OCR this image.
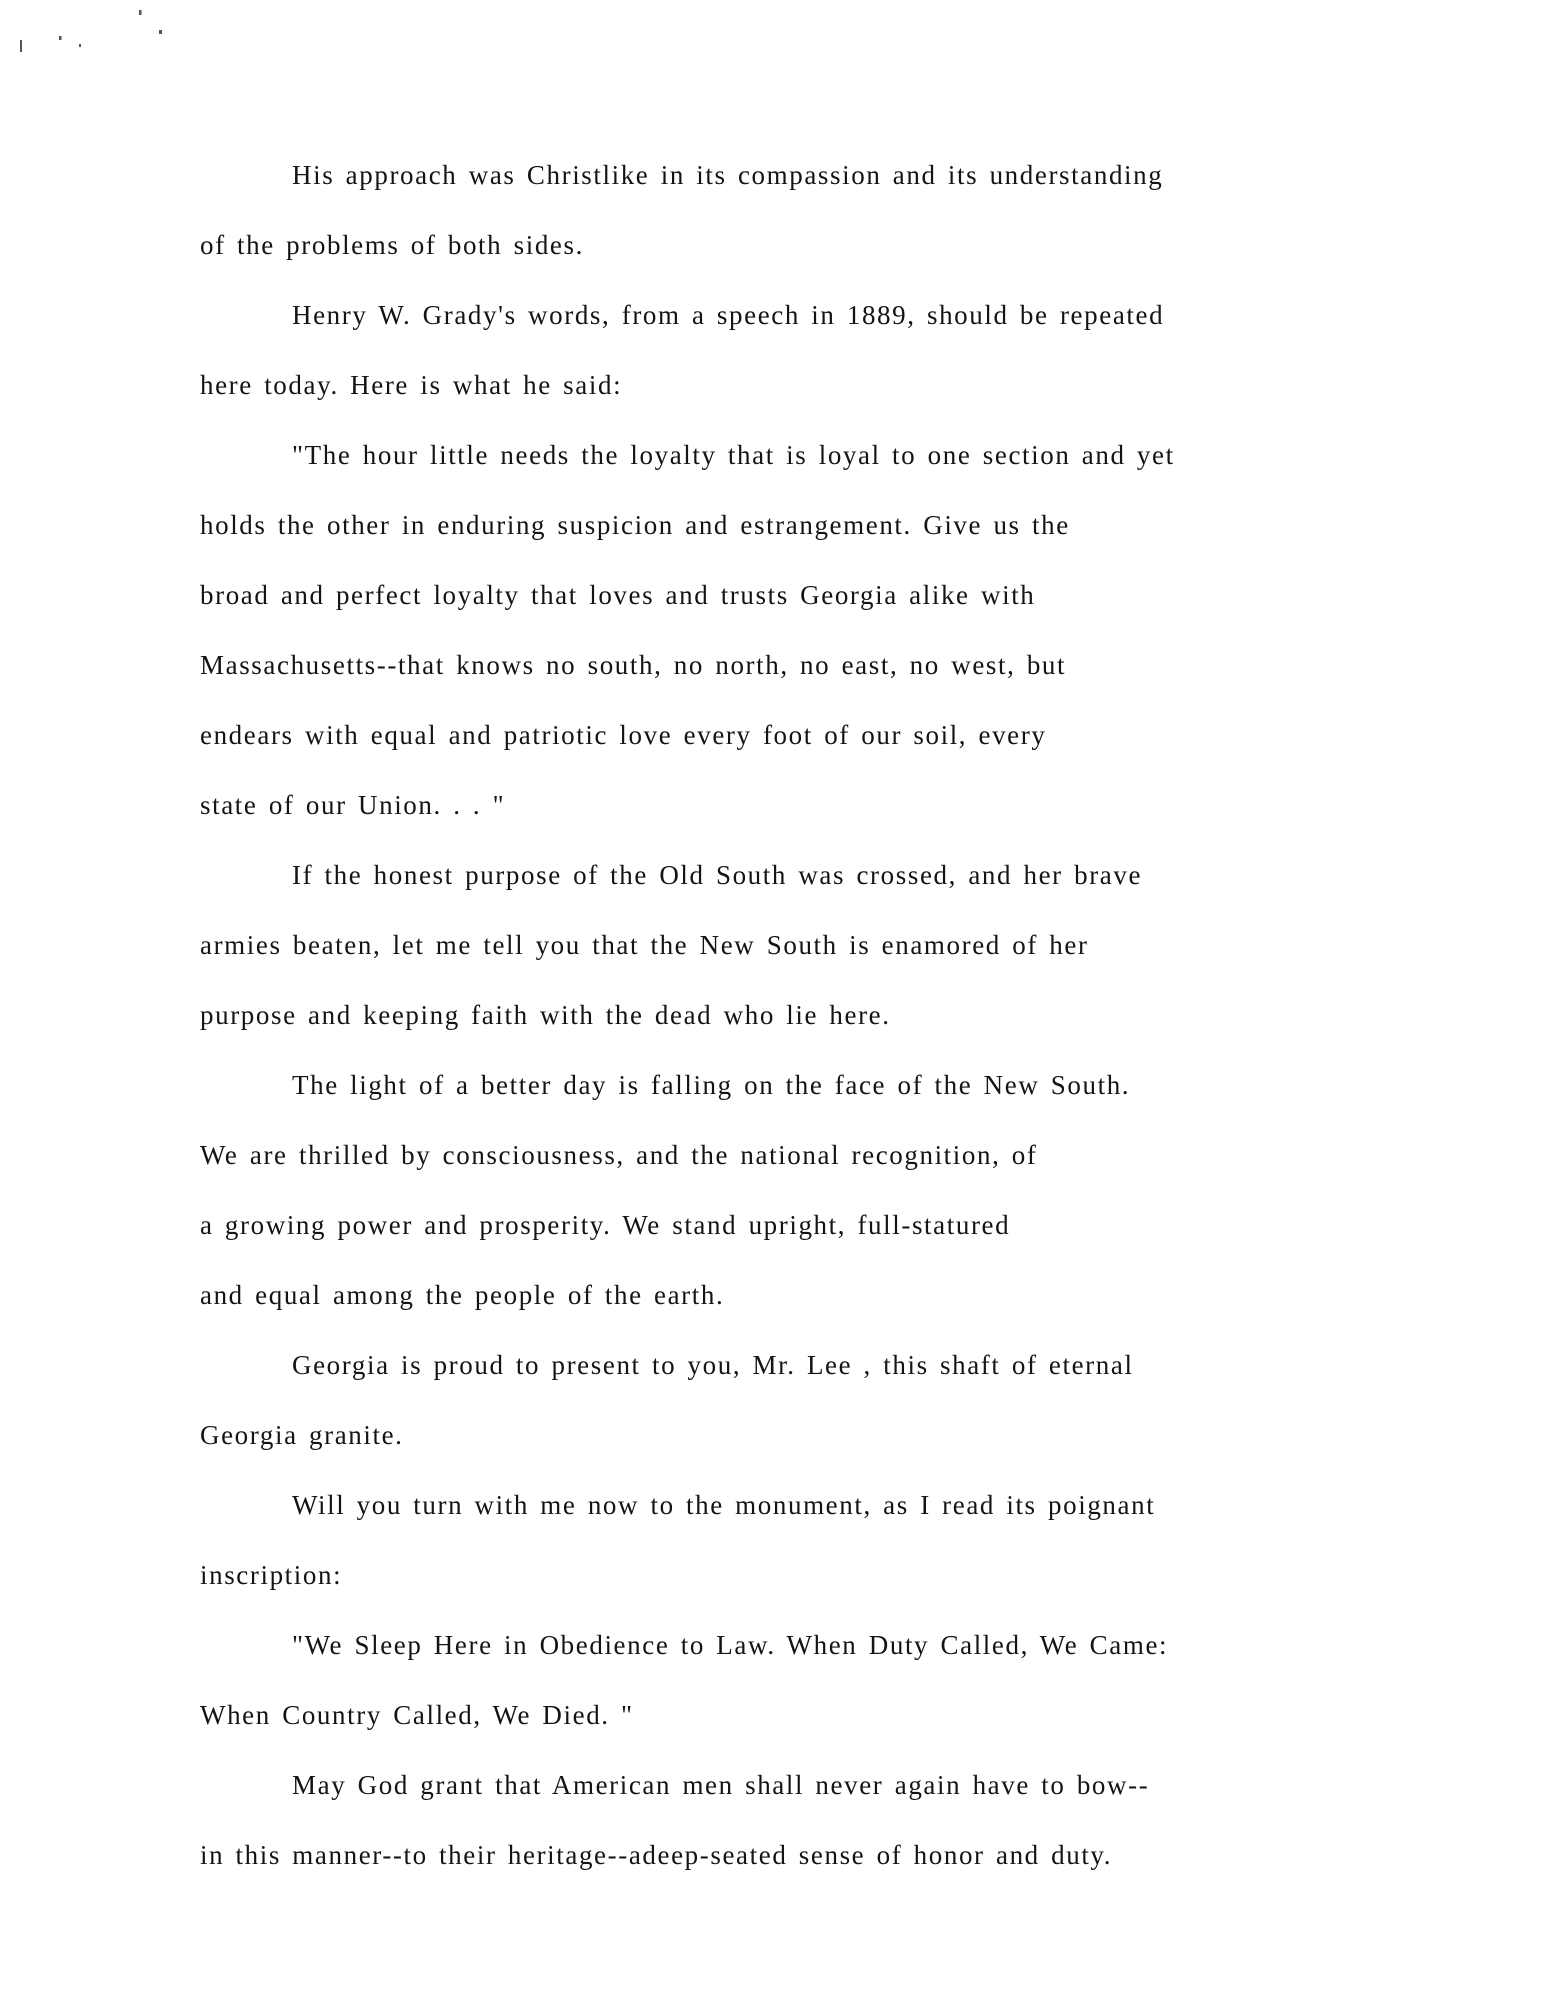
His approach was Christlike in its compassion and its understanding
of the problems of both sides.

Henry W. Grady's words, from a speech in 1889, should be repeated
here today. Here is what he said:

"The hour little needs the loyalty that is loyal to one section and yet
holds the other in enduring suspicion and estrangement. Give us the
broad and perfect loyalty that loves and trusts Georgia alike with
Massachusetts--that knows no south, no north, no east, no west, but
endears with equal and patriotic love every foot of our soil, every
state of our Union. . . "

If the honest purpose of the Old South was crossed, and her brave
armies beaten, let me tell you that the New South is enamored of her
purpose and keeping faith with the dead who lie here.

The light of a better day is falling on the face of the New South.
We are thrilled by consciousness, and the national recognition, of
a growing power and prosperity. We stand upright, full-statured
and equal among the people of the earth.

Georgia is proud to present to you, Mr. Lee , this shaft of eternal
Georgia granite.

Will you turn with me now to the monument, as I read its poignant
inscription:

"We Sleep Here in Obedience to Law. When Duty Called, We Came:
When Country Called, We Died. "

May God grant that American men shall never again have to bow--
in this manner--to their heritage--adeep-seated sense of honor and duty.
